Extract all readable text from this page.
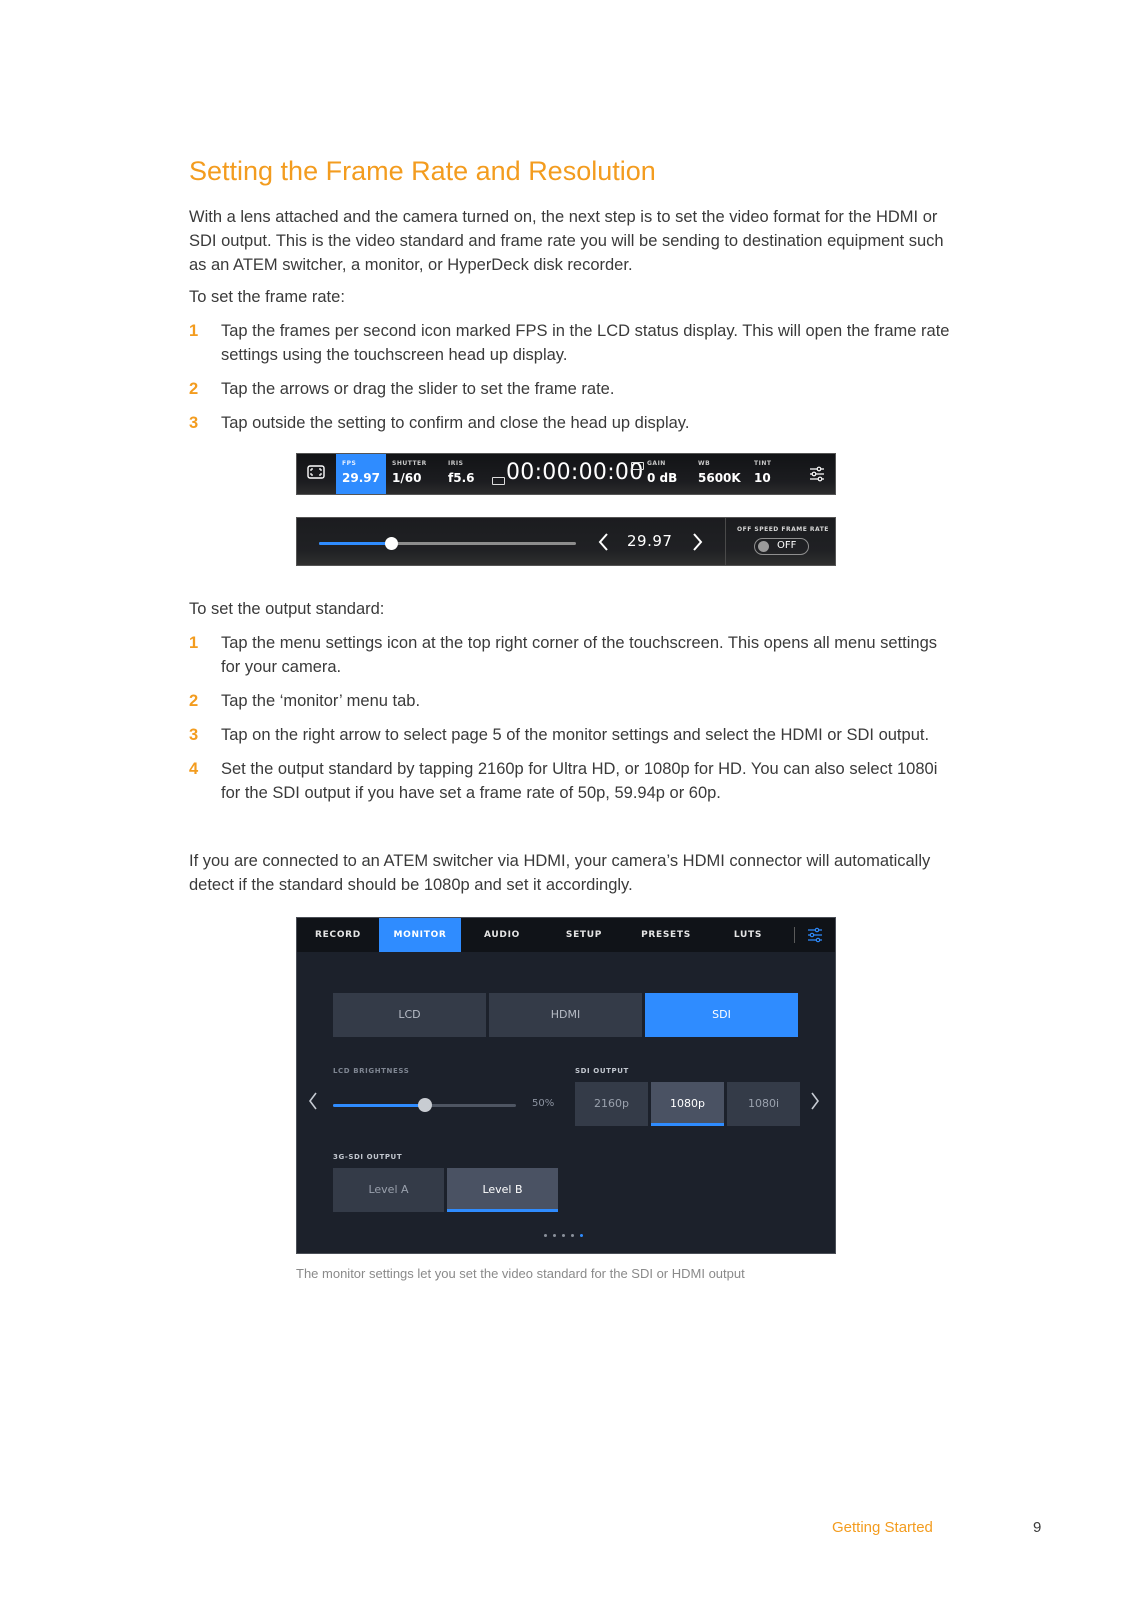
Setting the Frame Rate and Resolution

With a lens attached and the camera turned on, the next step is to set the video format for the HDMI or SDI output. This is the video standard and frame rate you will be sending to destination equipment such as an ATEM switcher, a monitor, or HyperDeck disk recorder.

To set the frame rate:

1 Tap the frames per second icon marked FPS in the LCD status display. This will open the frame rate settings using the touchscreen head up display.
2 Tap the arrows or drag the slider to set the frame rate.
3 Tap outside the setting to confirm and close the head up display.
FPS
29.97
SHUTTER
1/60
IRIS
f5.6 00:00:00:00 GAIN
0 dB
WB
5600K
TINT
10
29.97
OFF SPEED FRAME RATE
OFF

To set the output standard:

1 Tap the menu settings icon at the top right corner of the touchscreen. This opens all menu settings for your camera.
2 Tap the ‘monitor’ menu tab.
3 Tap on the right arrow to select page 5 of the monitor settings and select the HDMI or SDI output.
4 Set the output standard by tapping 2160p for Ultra HD, or 1080p for HD. You can also select 1080i for the SDI output if you have set a frame rate of 50p, 59.94p or 60p.

If you are connected to an ATEM switcher via HDMI, your camera’s HDMI connector will automatically detect if the standard should be 1080p and set it accordingly.

RECORD	MONITOR	AUDIO	SETUP	PRESETS	LUTS
LCD	HDMI	SDI
LCD BRIGHTNESS
50%
SDI OUTPUT
2160p	1080p	1080i
3G-SDI OUTPUT
Level A	Level B

The monitor settings let you set the video standard for the SDI or HDMI output

Getting Started	9
